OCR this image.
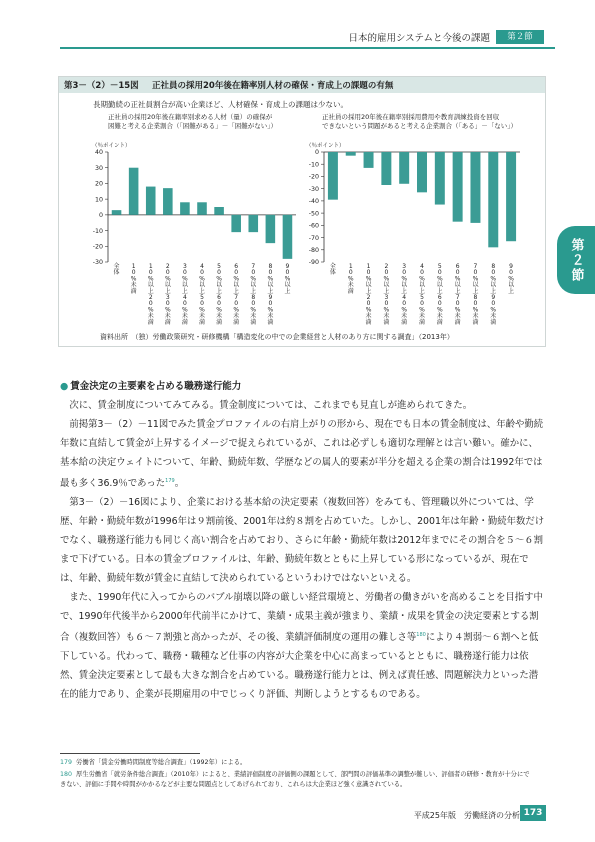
日本的雇用システムと今後の課題	第２節
第２節
第3－（2）－15図 正社員の採用20年後在籍率別人材の確保・育成上の課題の有無
長期勤続の正社員割合が高い企業ほど、人材確保・育成上の課題は少ない。
正社員の採用20年後在籍率別求める人材（量）の確保が
困難と考える企業割合（「困難がある」－「困難がない」）
正社員の採用20年後在籍率別採用費用や教育訓練投資を回収
できないという問題があると考える企業割合（「ある」－「ない」）
（％ポイント）	（％ポイント）
40
30
20
10
0
-10
-20
-30
全体
1 0 %未満
1 0 %以上 2 0 %未満
2 0 %以上 3 0 %未満
3 0 %以上 4 0 %未満
4 0 %以上 5 0 %未満
5 0 %以上 6 0 %未満
6 0 %以上 7 0 %未満
7 0 %以上 8 0 %未満
8 0 %以上 9 0 %未満
9 0 %以上
0
-10
-20
-30
-40
-50
-60
-70
-80
-90
全体
1 0 %未満
1 0 %以上 2 0 %未満
2 0 %以上 3 0 %未満
3 0 %以上 4 0 %未満
4 0 %以上 5 0 %未満
5 0 %以上 6 0 %未満
6 0 %以上 7 0 %未満
7 0 %以上 8 0 %未満
8 0 %以上 9 0 %未満
9 0 %以上
資料出所　（独）労働政策研究・研修機構「構造変化の中での企業経営と人材のあり方に関する調査」（2013年）
● 賃金決定の主要素を占める職務遂行能力

次に、賃金制度についてみてみる。賃金制度については、これまでも見直しが進められてきた。

前掲第3－（2）－11図でみた賃金プロファイルの右肩上がりの形から、現在でも日本の賃金制度は、年齢や勤続年数に直結して賃金が上昇するイメージで捉えられているが、これは必ずしも適切な理解とは言い難い。確かに、基本給の決定ウェイトについて、年齢、勤続年数、学歴などの属人的要素が半分を超える企業の割合は1992年では最も多く36.9％であった$^{179}$。

第3－（2）－16図により、企業における基本給の決定要素（複数回答）をみても、管理職以外については、学歴、年齢・勤続年数が1996年は９割前後、2001年は約８割を占めていた。しかし、2001年は年齢・勤続年数だけでなく、職務遂行能力も同じく高い割合を占めており、さらに年齢・勤続年数は2012年までにその割合を５～６割まで下げている。日本の賃金プロファイルは、年齢、勤続年数とともに上昇している形になっているが、現在では、年齢、勤続年数が賃金に直結して決められているというわけではないといえる。

また、1990年代に入ってからのバブル崩壊以降の厳しい経営環境と、労働者の働きがいを高めることを目指す中で、1990年代後半から2000年代前半にかけて、業績・成果主義が強まり、業績・成果を賃金の決定要素とする割合（複数回答）も６～７割強と高かったが、その後、業績評価制度の運用の難しさ等$^{180}$により４割弱～６割へと低下している。代わって、職務・職種など仕事の内容が大企業を中心に高まっているとともに、職務遂行能力は依然、賃金決定要素として最も大きな割合を占めている。職務遂行能力とは、例えば責任感、問題解決力といった潜在的能力であり、企業が長期雇用の中でじっくり評価、判断しようとするものである。

179 労働省「賃金労働時間制度等総合調査」（1992年）による。
180 厚生労働省「就労条件総合調査」（2010年）によると、業績評価制度の評価側の課題として、部門間の評価基準の調整が難しい、評価者の研修・教育が十分にできない、評価に手間や時間がかかるなどが主要な問題点としてあげられており、これらは大企業ほど強く意識されている。
平成25年版　労働経済の分析 173
